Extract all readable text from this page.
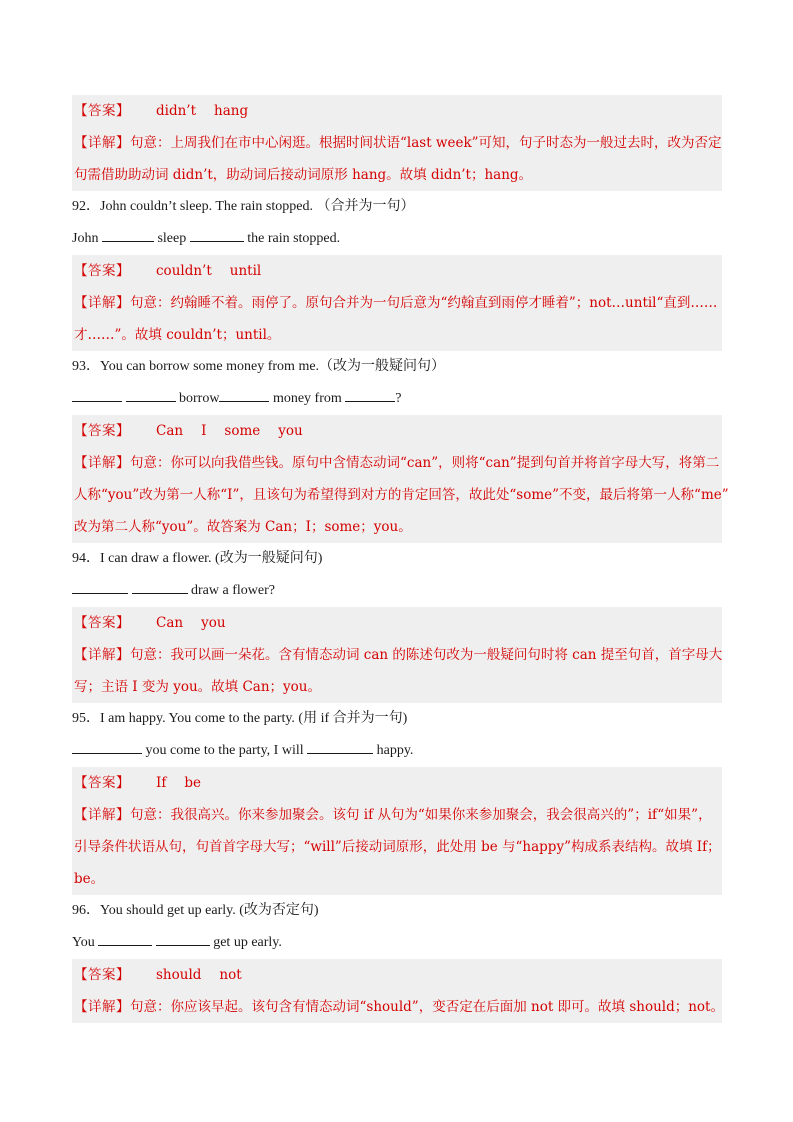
【答案】 didn’t hang
【详解】句意：上周我们在市中心闲逛。根据时间状语“last week”可知，句子时态为一般过去时，改为否定
句需借助助动词 didn’t，助动词后接动词原形 hang。故填 didn’t；hang。
92．John couldn’t sleep. The rain stopped. （合并为一句）
John	sleep	the rain stopped.
【答案】 couldn’t until
【详解】句意：约翰睡不着。雨停了。原句合并为一句后意为“约翰直到雨停才睡着”；not…until“直到……
才……”。故填 couldn’t；until。
93．You can borrow some money from me.（改为一般疑问句）
borrow	money from	?
【答案】 Can I some you
【详解】句意：你可以向我借些钱。原句中含情态动词“can”，则将“can”提到句首并将首字母大写，将第二
人称“you”改为第一人称“I”，且该句为希望得到对方的肯定回答，故此处“some”不变，最后将第一人称“me”
改为第二人称“you”。故答案为 Can；I；some；you。
94．I can draw a flower. (改为一般疑问句)
draw a flower?
【答案】 Can you
【详解】句意：我可以画一朵花。含有情态动词 can 的陈述句改为一般疑问句时将 can 提至句首，首字母大
写；主语 I 变为 you。故填 Can；you。
95．I am happy. You come to the party. (用 if 合并为一句)
you come to the party, I will	happy.
【答案】 If be
【详解】句意：我很高兴。你来参加聚会。该句 if 从句为“如果你来参加聚会，我会很高兴的”；if“如果”，
引导条件状语从句，句首首字母大写；“will”后接动词原形，此处用 be 与“happy”构成系表结构。故填 If；
be。
96．You should get up early. (改为否定句)
You	get up early.
【答案】 should not
【详解】句意：你应该早起。该句含有情态动词“should”，变否定在后面加 not 即可。故填 should；not。
